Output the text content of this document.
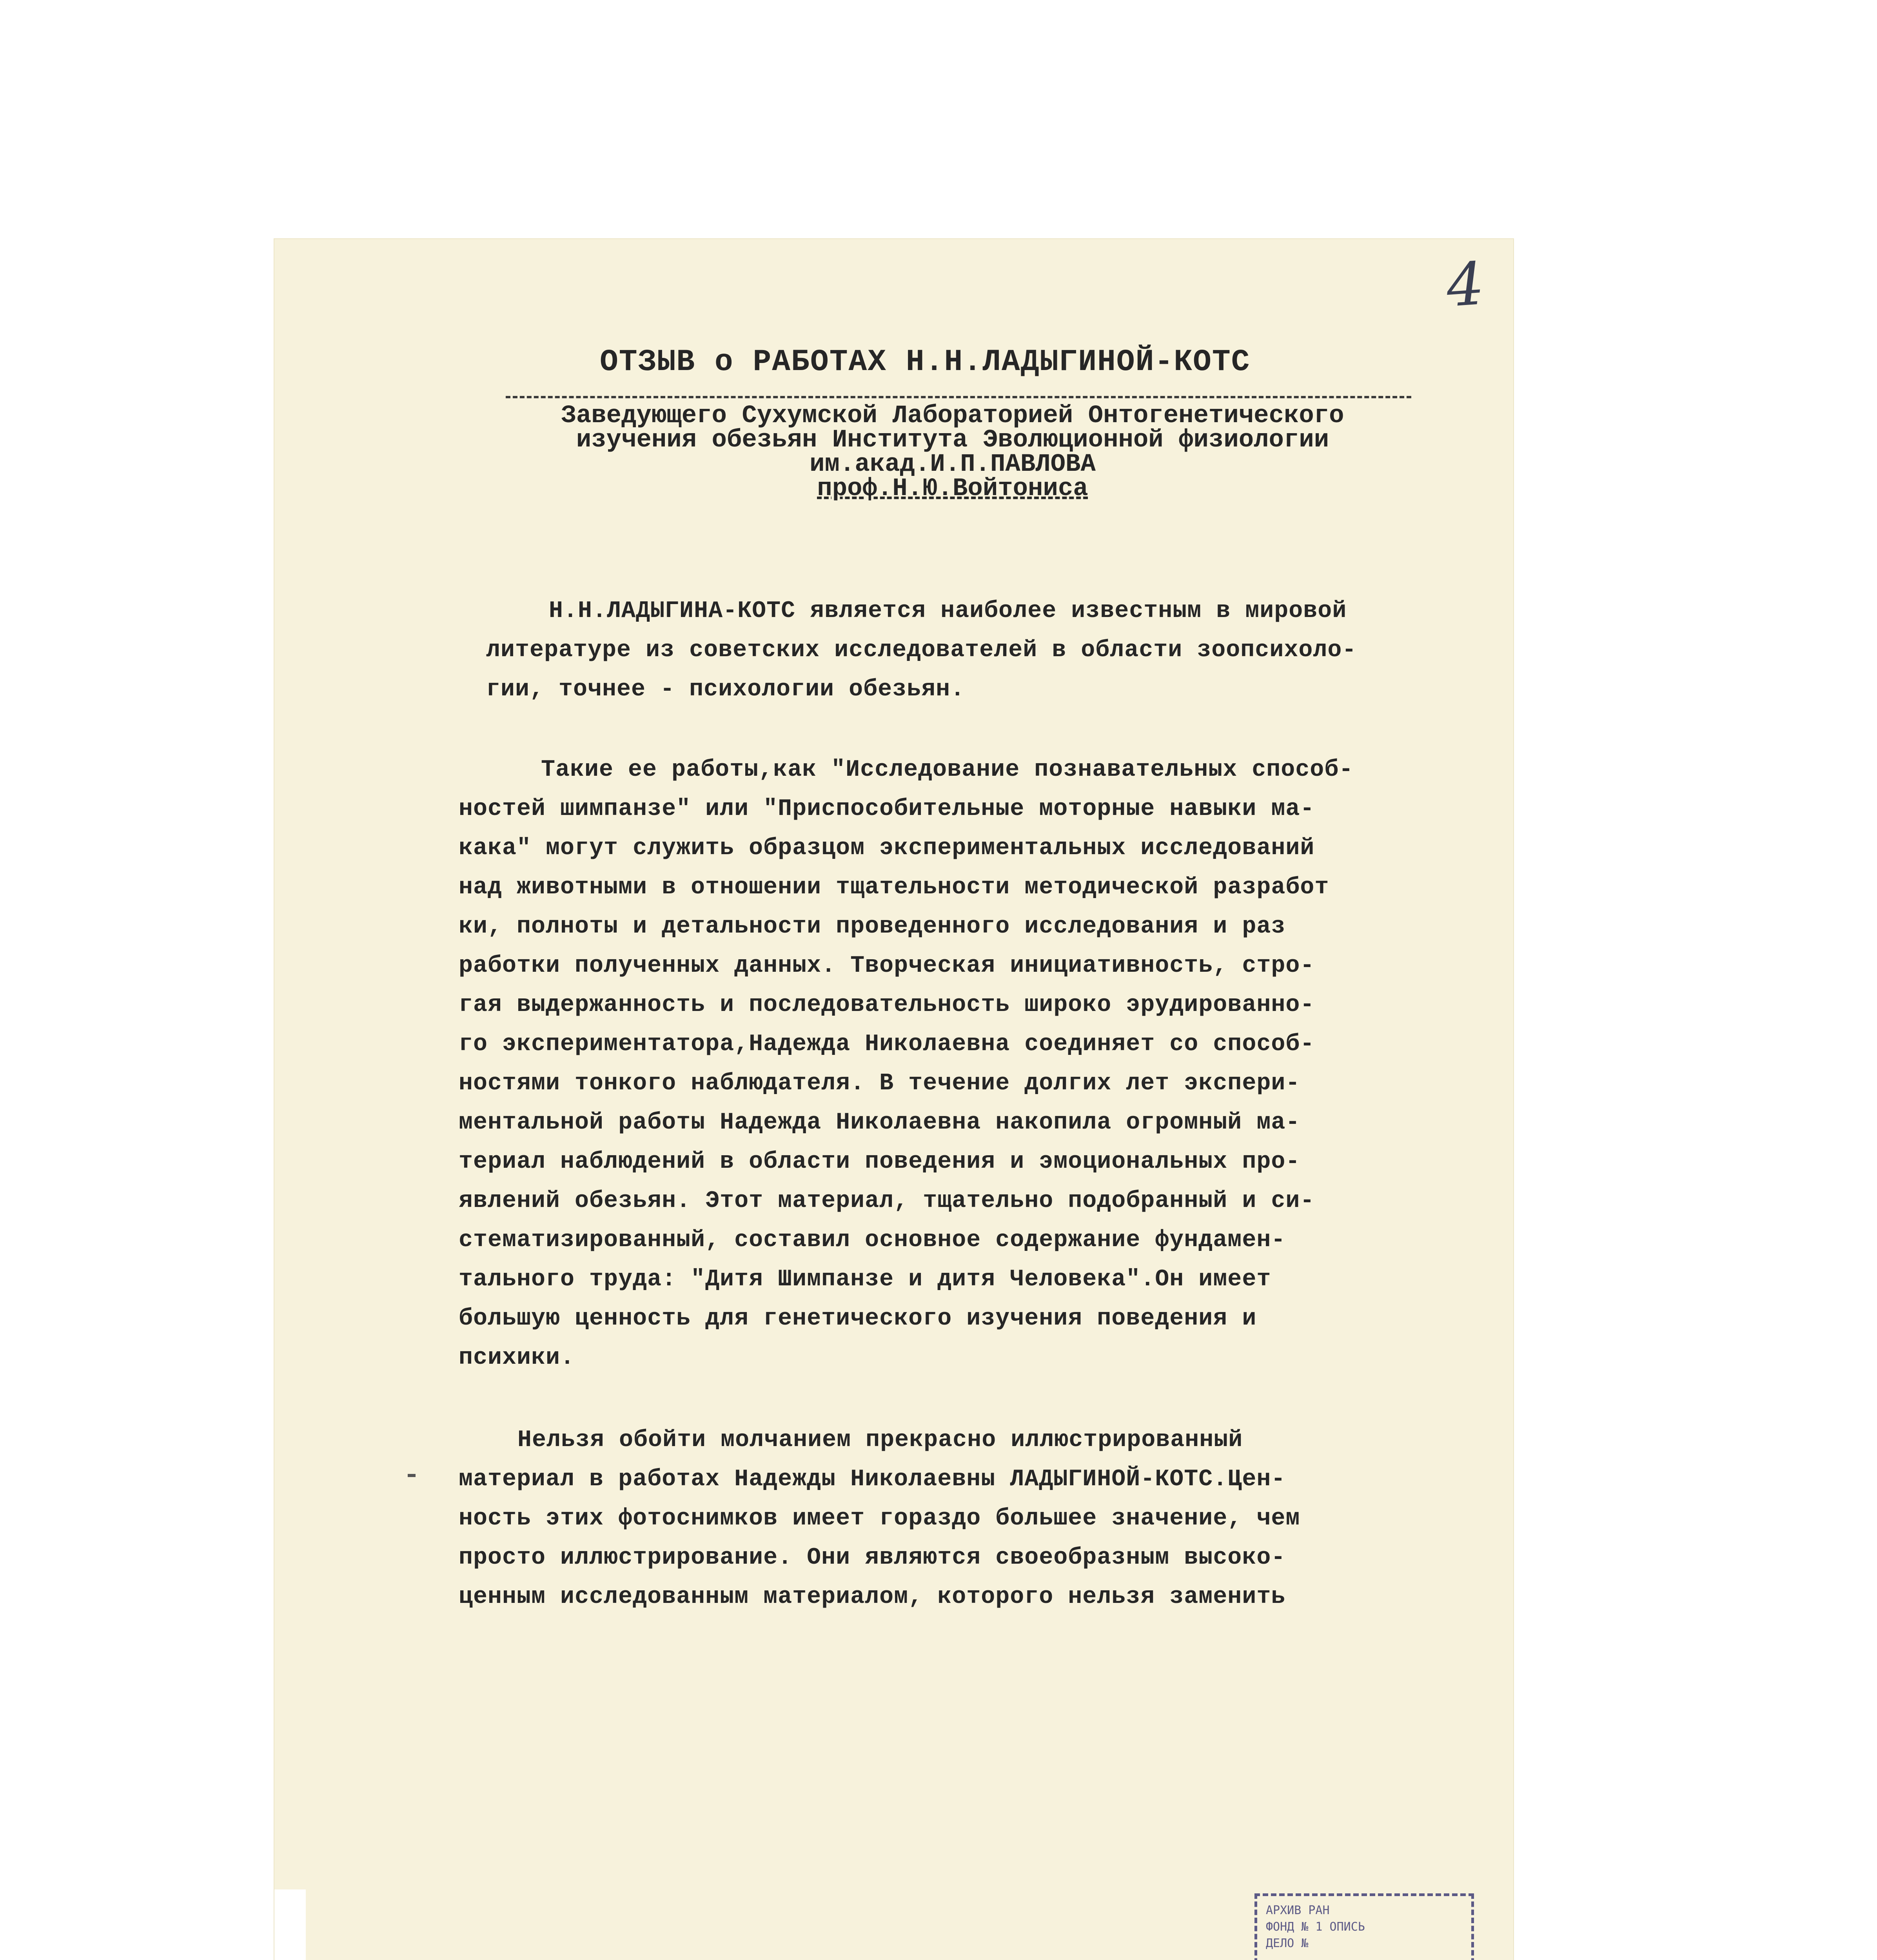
4
ОТЗЫВ о РАБОТАХ Н.Н.ЛАДЫГИНОЙ-КОТС
Заведующего Сухумской Лабораторией Онтогенетического
изучения обезьян Института Эволюционной физиологии
им.акад.И.П.ПАВЛОВА
проф.Н.Ю.Войтониса
Н.Н.ЛАДЫГИНА-КОТС является наиболее известным в мировой
литературе из советских исследователей в области зоопсихоло-
гии, точнее - психологии обезьян.
Такие ее работы,как "Исследование познавательных способ-
ностей шимпанзе" или "Приспособительные моторные навыки ма-
кака" могут служить образцом экспериментальных исследований
над животными в отношении тщательности методической разработ
ки, полноты и детальности проведенного исследования и раз
работки полученных данных. Творческая инициативность, стро-
гая выдержанность и последовательность широко эрудированно-
го экспериментатора,Надежда Николаевна соединяет со способ-
ностями тонкого наблюдателя. В течение долгих лет экспери-
ментальной работы Надежда Николаевна накопила огромный ма-
териал наблюдений в области поведения и эмоциональных про-
явлений обезьян. Этот материал, тщательно подобранный и си-
стематизированный, составил основное содержание фундамен-
тального труда: "Дитя Шимпанзе и дитя Человека".Он имеет
большую ценность для генетического изучения поведения и
психики.
Нельзя обойти молчанием прекрасно иллюстрированный
материал в работах Надежды Николаевны ЛАДЫГИНОЙ-КОТС.Цен-
ность этих фотоснимков имеет гораздо большее значение, чем
просто иллюстрирование. Они являются своеобразным высоко-
ценным исследованным материалом, которого нельзя заменить
АРХИВ РАН
ФОНД № 1 ОПИСЬ
ДЕЛО №
